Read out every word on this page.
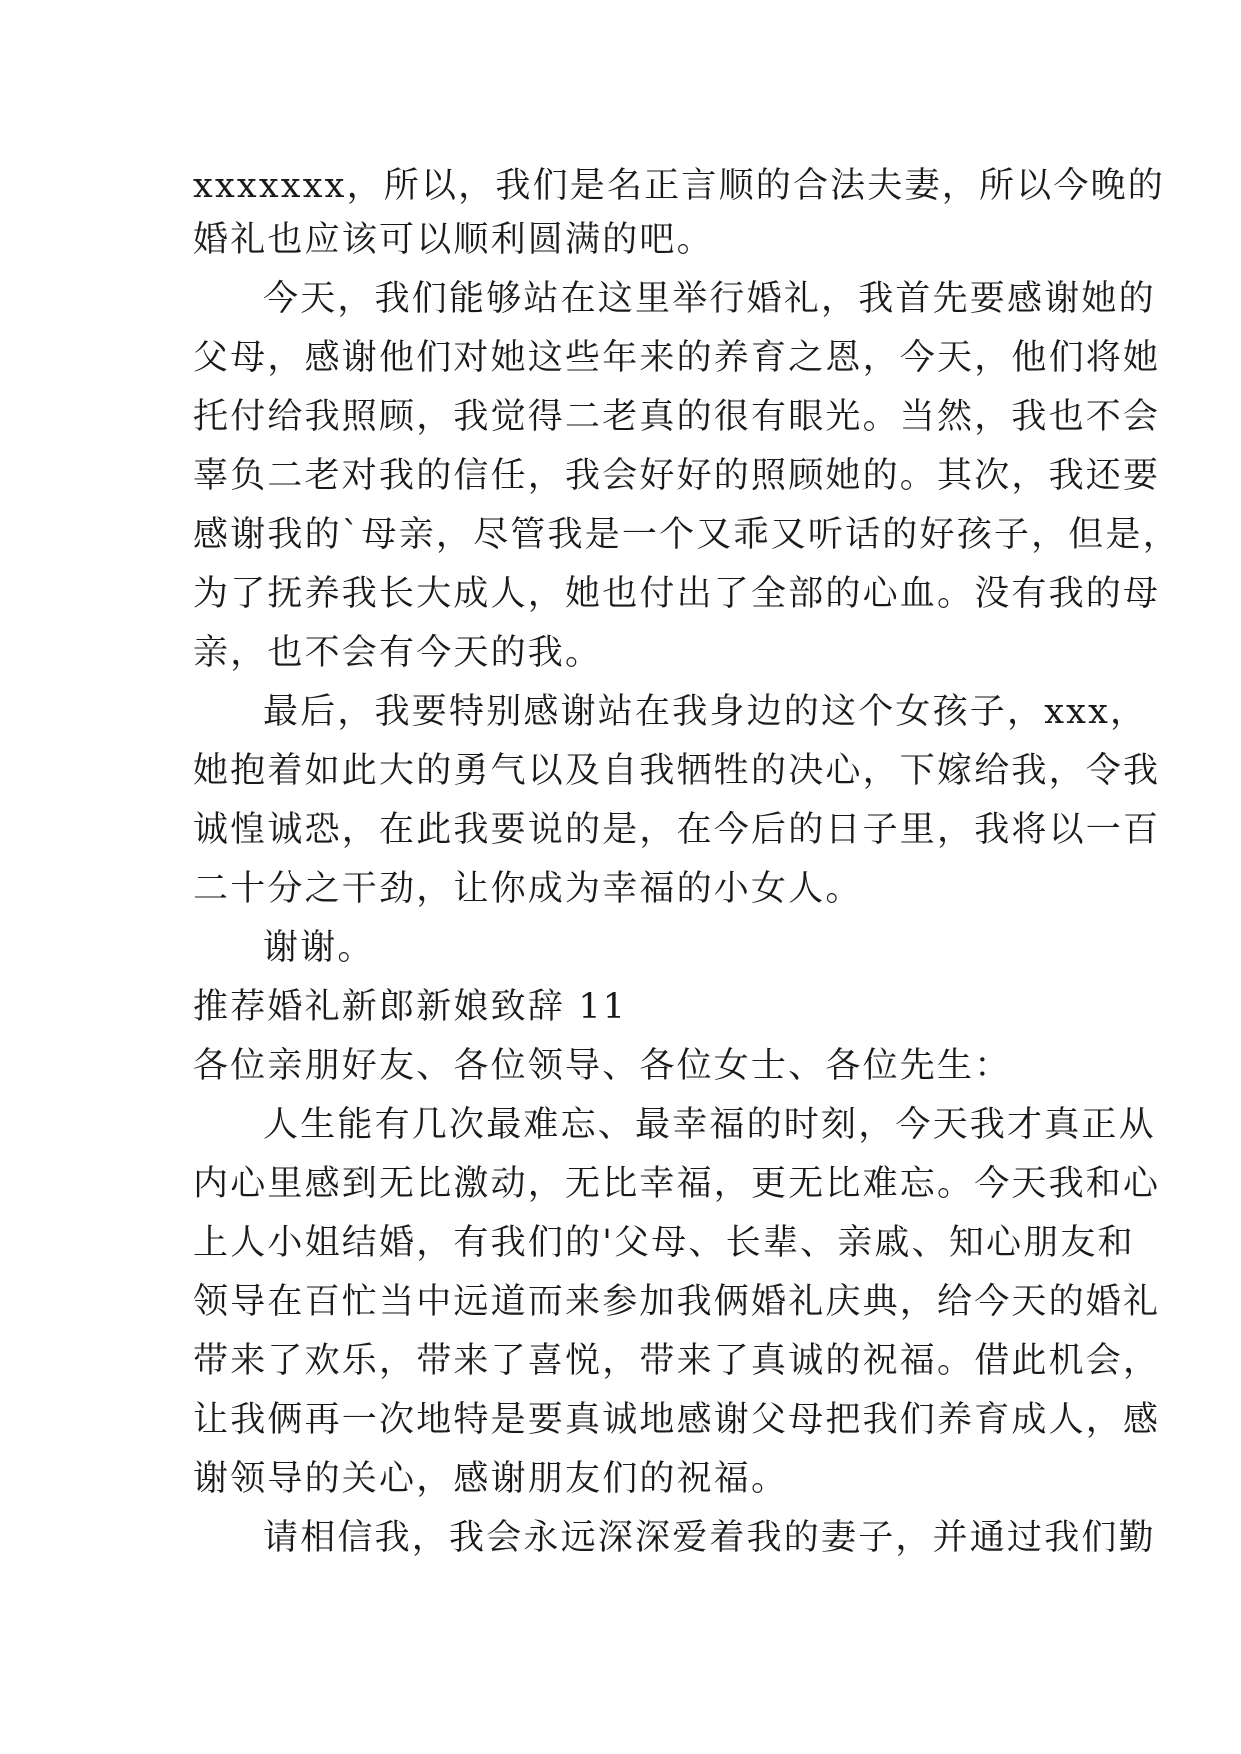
xxxxxxx，所以，我们是名正言顺的合法夫妻，所以今晚的
婚礼也应该可以顺利圆满的吧。
今天，我们能够站在这里举行婚礼，我首先要感谢她的
父母，感谢他们对她这些年来的养育之恩，今天，他们将她
托付给我照顾，我觉得二老真的很有眼光。当然，我也不会
辜负二老对我的信任，我会好好的照顾她的。其次，我还要
感谢我的`母亲，尽管我是一个又乖又听话的好孩子，但是，
为了抚养我长大成人，她也付出了全部的心血。没有我的母
亲，也不会有今天的我。
最后，我要特别感谢站在我身边的这个女孩子，xxx，
她抱着如此大的勇气以及自我牺牲的决心，下嫁给我，令我
诚惶诚恐，在此我要说的是，在今后的日子里，我将以一百
二十分之干劲，让你成为幸福的小女人。
谢谢。
推荐婚礼新郎新娘致辞 11
各位亲朋好友、各位领导、各位女士、各位先生：
人生能有几次最难忘、最幸福的时刻，今天我才真正从
内心里感到无比激动，无比幸福，更无比难忘。今天我和心
上人小姐结婚，有我们的'父母、长辈、亲戚、知心朋友和
领导在百忙当中远道而来参加我俩婚礼庆典，给今天的婚礼
带来了欢乐，带来了喜悦，带来了真诚的祝福。借此机会，
让我俩再一次地特是要真诚地感谢父母把我们养育成人，感
谢领导的关心，感谢朋友们的祝福。
请相信我，我会永远深深爱着我的妻子，并通过我们勤
